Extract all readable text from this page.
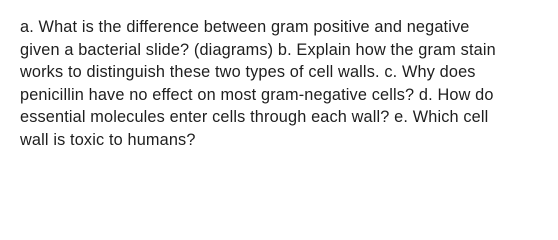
a. What is the difference between gram positive and negative
given a bacterial slide? (diagrams) b. Explain how the gram stain
works to distinguish these two types of cell walls. c. Why does
penicillin have no effect on most gram-negative cells? d. How do
essential molecules enter cells through each wall? e. Which cell
wall is toxic to humans?
